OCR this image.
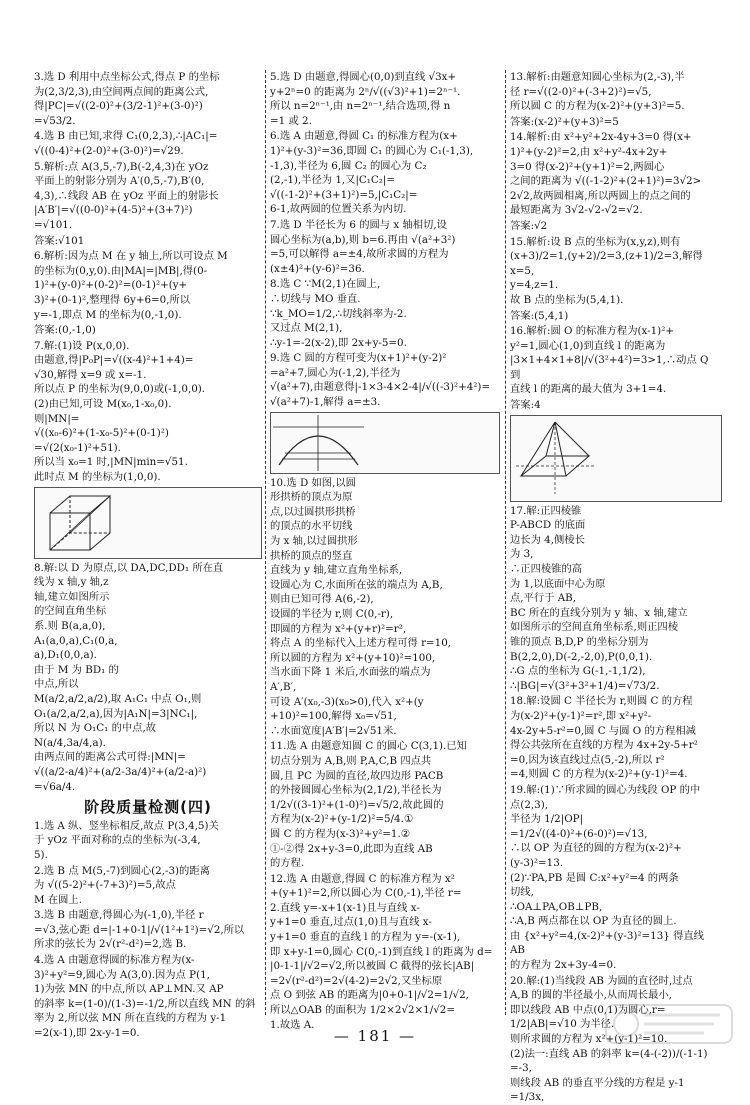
3.选 D 利用中点坐标公式,得点 P 的坐标
为(2,3/2,3),由空间两点间的距离公式,
得|PC|=√((2-0)²+(3/2-1)²+(3-0)²)
=√53/2.
4.选 B 由已知,求得 C₁(0,2,3),∴|AC₁|=
√((0-4)²+(2-0)²+(3-0)²)=√29.
5.解析:点 A(3,5,-7),B(-2,4,3)在 yOz
平面上的射影分别为 A′(0,5,-7),B′(0,
4,3),∴线段 AB 在 yOz 平面上的射影长
|A′B′|=√((0-0)²+(4-5)²+(3+7)²)
=√101.
答案:√101
6.解析:因为点 M 在 y 轴上,所以可设点 M
的坐标为(0,y,0).由|MA|=|MB|,得(0-
1)²+(y-0)²+(0-2)²=(0-1)²+(y+
3)²+(0-1)²,整理得 6y+6=0,所以
y=-1,即点 M 的坐标为(0,-1,0).
答案:(0,-1,0)
7.解:(1)设 P(x,0,0).
由题意,得|P₀P|=√((x-4)²+1+4)=
√30,解得 x=9 或 x=-1.
所以点 P 的坐标为(9,0,0)或(-1,0,0).
(2)由已知,可设 M(x₀,1-x₀,0).
则|MN|=
√((x₀-6)²+(1-x₀-5)²+(0-1)²)
=√(2(x₀-1)²+51).
所以当 x₀=1 时,|MN|min=√51.
此时点 M 的坐标为(1,0,0).
8.解:以 D 为原点,以 DA,DC,DD₁ 所在直
线为 x 轴,y 轴,z
轴,建立如图所示
的空间直角坐标
系.则 B(a,a,0),
A₁(a,0,a),C₁(0,a,
a),D₁(0,0,a).
由于 M 为 BD₁ 的
中点,所以
M(a/2,a/2,a/2),取 A₁C₁ 中点 O₁,则
O₁(a/2,a/2,a),因为|A₁N|=3|NC₁|,
所以 N 为 O₁C₁ 的中点,故
N(a/4,3a/4,a).
由两点间的距离公式可得:|MN|=
√((a/2-a/4)²+(a/2-3a/4)²+(a/2-a)²)
=√6a/4.
阶段质量检测(四)
1.选 A 纵、竖坐标相反,故点 P(3,4,5)关
于 yOz 平面对称的点的坐标为(-3,4,
5).
2.选 B 点 M(5,-7)到圆心(2,-3)的距离
为 √((5-2)²+(-7+3)²)=5,故点
M 在圆上.
3.选 B 由题意,得圆心为(-1,0),半径 r
=√3,弦心距 d=|-1+0-1|/√(1²+1²)=√2,所以
所求的弦长为 2√(r²-d²)=2,选 B.
4.选 A 由题意得圆的标准方程为(x-
3)²+y²=9,圆心为 A(3,0).因为点 P(1,
1)为弦 MN 的中点,所以 AP⊥MN.又 AP
的斜率 k=(1-0)/(1-3)=-1/2,所以直线 MN 的斜
率为 2,所以弦 MN 所在直线的方程为 y-1
=2(x-1),即 2x-y-1=0.
5.选 D 由题意,得圆心(0,0)到直线 √3x+
y+2ⁿ=0 的距离为 2ⁿ/√((√3)²+1)=2ⁿ⁻¹.
所以 n=2ⁿ⁻¹,由 n=2ⁿ⁻¹,结合选项,得 n
=1 或 2.
6.选 A 由题意,得圆 C₁ 的标准方程为(x+
1)²+(y-3)²=36,即圆 C₁ 的圆心为 C₁(-1,3),
-1,3),半径为 6,圆 C₂ 的圆心为 C₂
(2,-1),半径为 1,又|C₁C₂|=
√((-1-2)²+(3+1)²)=5,|C₁C₂|=
6-1,故两圆的位置关系为内切.
7.选 D 半径长为 6 的圆与 x 轴相切,设
圆心坐标为(a,b),则 b=6.再由 √(a²+3²)
=5,可以解得 a=±4,故所求圆的方程为
(x±4)²+(y-6)²=36.
8.选 C ∵M(2,1)在圆上,
∴切线与 MO 垂直.
∵k_MO=1/2,∴切线斜率为-2.
又过点 M(2,1),
∴y-1=-2(x-2),即 2x+y-5=0.
9.选 C 圆的方程可变为(x+1)²+(y-2)²
=a²+7,圆心为(-1,2),半径为
√(a²+7),由题意得|-1×3-4×2-4|/√((-3)²+4²)=
√(a²+7)-1,解得 a=±3.
10.选 D 如图,以圆
形拱桥的顶点为原
点,以过圆拱形拱桥
的顶点的水平切线
为 x 轴,以过圆拱形
拱桥的顶点的竖直
直线为 y 轴,建立直角坐标系,
设圆心为 C,水面所在弦的端点为 A,B,
则由已知可得 A(6,-2),
设圆的半径为 r,则 C(0,-r),
即圆的方程为 x²+(y+r)²=r²,
将点 A 的坐标代入上述方程可得 r=10,
所以圆的方程为 x²+(y+10)²=100,
当水面下降 1 米后,水面弦的端点为
A′,B′,
可设 A′(x₀,-3)(x₀>0),代入 x²+(y
+10)²=100,解得 x₀=√51,
∴水面宽度|A′B′|=2√51米.
11.选 A 由题意知圆 C 的圆心 C(3,1).已知
切点分别为 A,B,则 P,A,C,B 四点共
圆,且 PC 为圆的直径,故四边形 PACB
的外接圆圆心坐标为(2,1/2),半径长为
1/2√((3-1)²+(1-0)²)=√5/2,故此圆的
方程为(x-2)²+(y-1/2)²=5/4.①
圆 C 的方程为(x-3)²+y²=1.②
①-②得 2x+y-3=0,此即为直线 AB
的方程.
12.选 A 由题意,得圆 C 的标准方程为 x²
+(y+1)²=2,所以圆心为 C(0,-1),半径 r=
2.直线 y=-x+1(x-1)且与直线 x-
y+1=0 垂直,过点(1,0)且与直线 x-
y+1=0 垂直的直线 l 的方程为 y=-(x-1),
即 x+y-1=0,圆心 C(0,-1)到直线 l 的距离为 d=
|0-1-1|/√2=√2,所以被圆 C 截得的弦长|AB|
=2√(r²-d²)=2√(4-2)=2√2,又坐标原
点 O 到弦 AB 的距离为|0+0-1|/√2=1/√2,
所以△OAB 的面积为 1/2×2√2×1/√2=
1.故选 A.
13.解析:由题意知圆心坐标为(2,-3),半
径 r=√((2-0)²+(-3+2)²)=√5,
所以圆 C 的方程为(x-2)²+(y+3)²=5.
答案:(x-2)²+(y+3)²=5
14.解析:由 x²+y²+2x-4y+3=0 得(x+
1)²+(y-2)²=2,由 x²+y²-4x+2y+
3=0 得(x-2)²+(y+1)²=2,两圆心
之间的距离为 √((-1-2)²+(2+1)²)=3√2>
2√2,故两圆相离,所以两圆上的点之间的
最短距离为 3√2-√2-√2=√2.
答案:√2
15.解析:设 B 点的坐标为(x,y,z),则有
(x+3)/2=1,(y+2)/2=3,(z+1)/2=3,解得 x=5,
y=4,z=1.
故 B 点的坐标为(5,4,1).
答案:(5,4,1)
16.解析:圆 O 的标准方程为(x-1)²+
y²=1,圆心(1,0)到直线 l 的距离为
|3×1+4×1+8|/√(3²+4²)=3>1,∴动点 Q 到
直线 l 的距离的最大值为 3+1=4.
答案:4
17.解:正四棱锥
P-ABCD 的底面
边长为 4,侧棱长
为 3,
∴正四棱锥的高
为 1,以底面中心为原
点,平行于 AB,
BC 所在的直线分别为 y 轴、x 轴,建立
如图所示的空间直角坐标系,则正四棱
锥的顶点 B,D,P 的坐标分别为
B(2,2,0),D(-2,-2,0),P(0,0,1).
∴G 点的坐标为 G(-1,-1,1/2),
∴|BG|=√(3²+3²+1/4)=√73/2.
18.解:设圆 C 半径长为 r,则圆 C 的方程
为(x-2)²+(y-1)²=r²,即 x²+y²-
4x-2y+5-r²=0,圆 C 与圆 O 的方程相减
得公共弦所在直线的方程为 4x+2y-5+r²
=0,因为该直线过点(5,-2),所以 r²
=4,则圆 C 的方程为(x-2)²+(y-1)²=4.
19.解:(1)∵所求圆的圆心为线段 OP 的中
点(2,3),
半径为 1/2|OP|
=1/2√((4-0)²+(6-0)²)=√13,
∴以 OP 为直径的圆的方程为(x-2)²+
(y-3)²=13.
(2)∵PA,PB 是圆 C:x²+y²=4 的两条
切线,
∴OA⊥PA,OB⊥PB,
∴A,B 两点都在以 OP 为直径的圆上.
由 {x²+y²=4,(x-2)²+(y-3)²=13} 得直线 AB
的方程为 2x+3y-4=0.
20.解:(1)当线段 AB 为圆的直径时,过点
A,B 的圆的半径最小,从而周长最小,
即以线段 AB 中点(0,1)为圆心,r=
1/2|AB|=√10 为半径.
则所求圆的方程为 x²+(y-1)²=10.
(2)法一:直线 AB 的斜率 k=(4-(-2))/(-1-1)
=-3,
则线段 AB 的垂直平分线的方程是 y-1
=1/3x,
— 181 —
